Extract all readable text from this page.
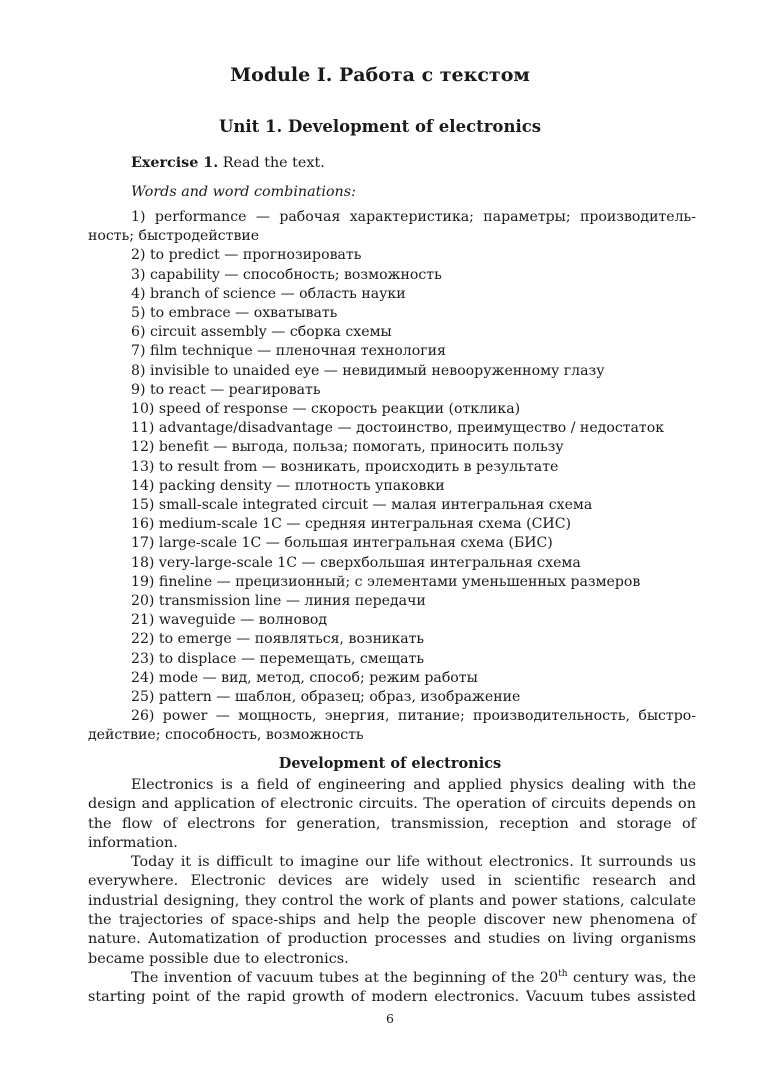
Module I. Работа с текстом
Unit 1. Development of electronics
Exercise 1. Read the text.
Words and word combinations:
1) performance — рабочая характеристика; параметры; производительность; быстродействие
2) to predict — прогнозировать
3) capability — способность; возможность
4) branch of science — область науки
5) to embrace — охватывать
6) circuit assembly — сборка схемы
7) film technique — пленочная технология
8) invisible to unaided eye — невидимый невооруженному глазу
9) to react — реагировать
10) speed of response — скорость реакции (отклика)
11) advantage/disadvantage — достоинство, преимущество / недостаток
12) benefit — выгода, польза; помогать, приносить пользу
13) to result from — возникать, происходить в результате
14) packing density — плотность упаковки
15) small-scale integrated circuit — малая интегральная схема
16) medium-scale 1C — средняя интегральная схема (СИС)
17) large-scale 1C — большая интегральная схема (БИС)
18) very-large-scale 1C — сверхбольшая интегральная схема
19) fineline — прецизионный; с элементами уменьшенных размеров
20) transmission line — линия передачи
21) waveguide — волновод
22) to emerge — появляться, возникать
23) to displace — перемещать, смещать
24) mode — вид, метод, способ; режим работы
25) pattern — шаблон, образец; образ, изображение
26) power — мощность, энергия, питание; производительность, быстродействие; способность, возможность
Development of electronics

Electronics is a field of engineering and applied physics dealing with the design and application of electronic circuits. The operation of circuits depends on the flow of electrons for generation, transmission, reception and storage of information.

Today it is difficult to imagine our life without electronics. It surrounds us everywhere. Electronic devices are widely used in scientific research and industrial designing, they control the work of plants and power stations, calculate the trajectories of space-ships and help the people discover new phenomena of nature. Automatization of production processes and studies on living organisms became possible due to electronics.

The invention of vacuum tubes at the beginning of the 20th century was, the starting point of the rapid growth of modern electronics. Vacuum tubes assisted

6
